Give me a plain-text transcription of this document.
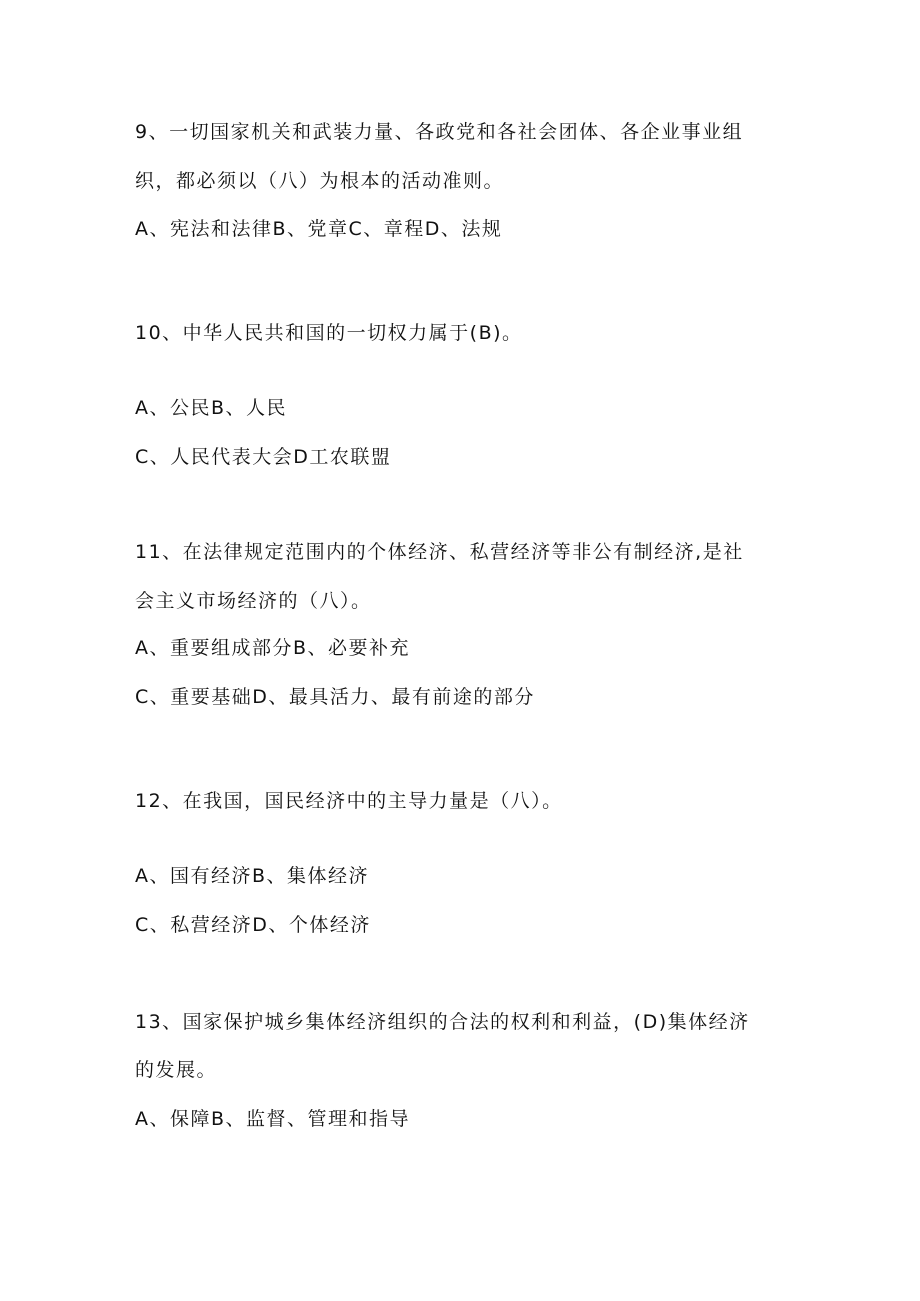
9、一切国家机关和武装力量、各政党和各社会团体、各企业事业组
织，都必须以（八）为根本的活动准则。
A、宪法和法律B、党章C、章程D、法规
10、中华人民共和国的一切权力属于(B)。
A、公民B、人民
C、人民代表大会D工农联盟
11、在法律规定范围内的个体经济、私营经济等非公有制经济,是社
会主义市场经济的（八）。
A、重要组成部分B、必要补充
C、重要基础D、最具活力、最有前途的部分
12、在我国，国民经济中的主导力量是（八）。
A、国有经济B、集体经济
C、私营经济D、个体经济
13、国家保护城乡集体经济组织的合法的权利和利益，(D)集体经济
的发展。
A、保障B、监督、管理和指导
